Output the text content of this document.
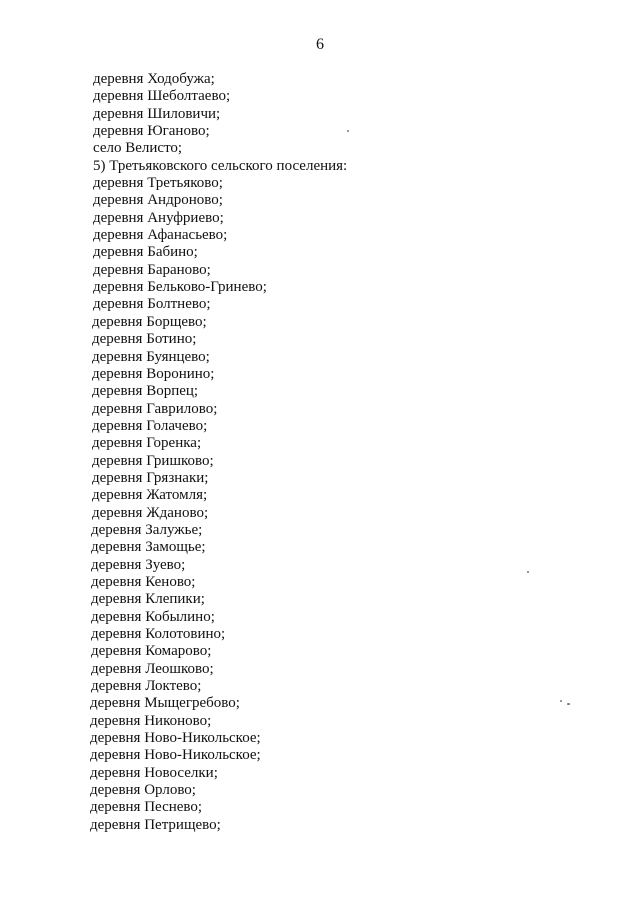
6
деревня Ходобужа;
деревня Шеболтаево;
деревня Шиловичи;
деревня Юганово;
село Велисто;
5) Третьяковского сельского поселения:
деревня Третьяково;
деревня Андроново;
деревня Ануфриево;
деревня Афанасьево;
деревня Бабино;
деревня Бараново;
деревня Бельково-Гринево;
деревня Болтнево;
деревня Борщево;
деревня Ботино;
деревня Буянцево;
деревня Воронино;
деревня Ворпец;
деревня Гаврилово;
деревня Голачево;
деревня Горенка;
деревня Гришково;
деревня Грязнаки;
деревня Жатомля;
деревня Жданово;
деревня Залужье;
деревня Замощье;
деревня Зуево;
деревня Кеново;
деревня Клепики;
деревня Кобылино;
деревня Колотовино;
деревня Комарово;
деревня Леошково;
деревня Локтево;
деревня Мыщегребово;
деревня Никоново;
деревня Ново-Никольское;
деревня Ново-Никольское;
деревня Новоселки;
деревня Орлово;
деревня Песнево;
деревня Петрищево;
